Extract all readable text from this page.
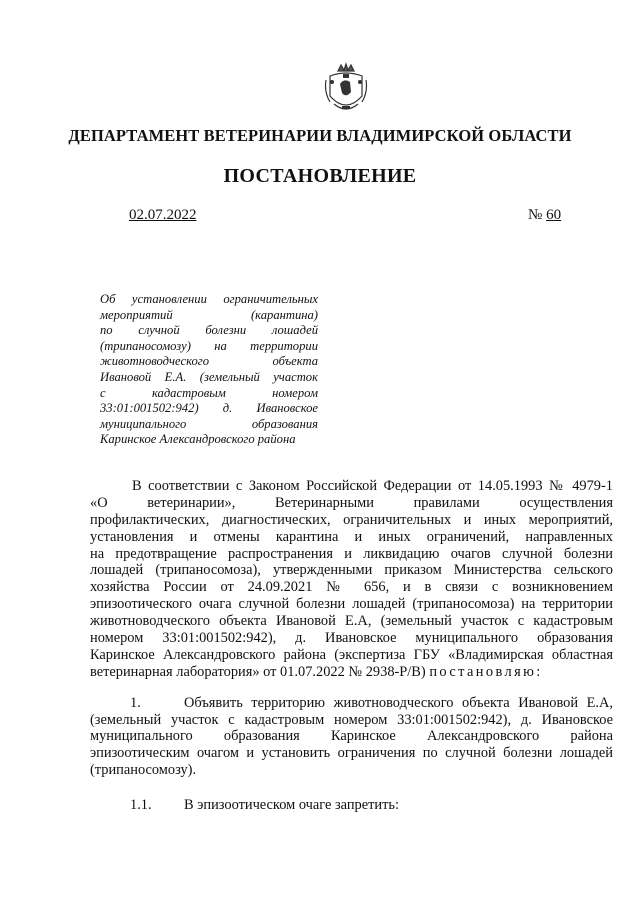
ДЕПАРТАМЕНТ ВЕТЕРИНАРИИ ВЛАДИМИРСКОЙ ОБЛАСТИ
ПОСТАНОВЛЕНИЕ
02.07.2022	№ 60
Об установлении ограничительных
мероприятий (карантина)
по случной болезни лошадей
(трипаносомозу) на территории
животноводческого объекта
Ивановой Е.А. (земельный участок
с кадастровым номером
33:01:001502:942) д. Ивановское
муниципального образования
Каринское Александровского района
В соответствии с Законом Российской Федерации от 14.05.1993 № 4979-1
«О ветеринарии», Ветеринарными правилами осуществления
профилактических, диагностических, ограничительных и иных мероприятий,
установления и отмены карантина и иных ограничений, направленных
на предотвращение распространения и ликвидацию очагов случной болезни
лошадей (трипаносомоза), утвержденными приказом Министерства сельского
хозяйства России от 24.09.2021 № 656, и в связи с возникновением
эпизоотического очага случной болезни лошадей (трипаносомоза) на территории
животноводческого объекта Ивановой Е.А, (земельный участок с кадастровым
номером 33:01:001502:942), д. Ивановское муниципального образования
Каринское Александровского района (экспертиза ГБУ «Владимирская областная
ветеринарная лаборатория» от 01.07.2022 № 2938-Р/В) постановляю:
1.	Объявить территорию животноводческого объекта Ивановой Е.А,
(земельный участок с кадастровым номером 33:01:001502:942), д. Ивановское
муниципального образования Каринское Александровского района
эпизоотическим очагом и установить ограничения по случной болезни лошадей
(трипаносомозу).
1.1. В эпизоотическом очаге запретить:
